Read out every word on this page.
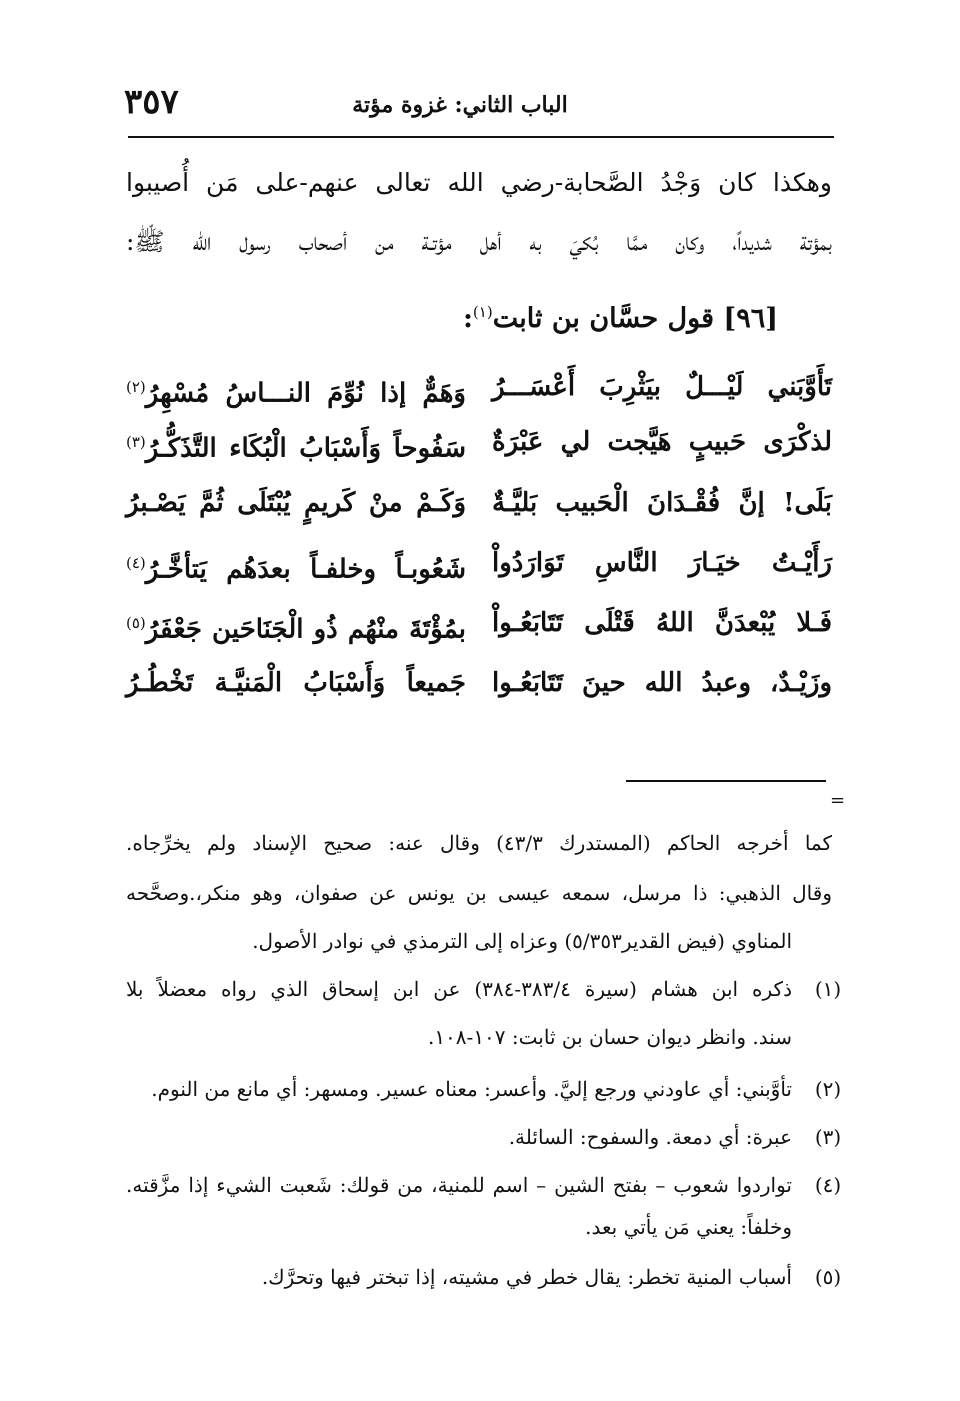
٣٥٧	الباب الثاني: غزوة مؤتة
وهكذا كان وَجْدُ الصَّحابة-رضي الله تعالى عنهم-على مَن أُصيبوا
بمؤتة شديداً، وكان ممَّا بُكيَ به أهل مؤتـة من أصحاب رسول الله ﷺ:
[٩٦] قول حسَّان بن ثابت$^{(١)}$:
تَأَوَّبَني لَيْـــلٌ بيَثْرِبَ أَعْسَـــرُ
وَهَمٌّ إذا نُوِّمَ النـــاسُ مُسْهِرُ$^{(٢)}$
لذكْرَى حَبيبٍ هَيَّجت لي عَبْرَةٌ
سَفُوحاً وَأَسْبَابُ الْبُكَاء التَّذَكُّـرُ$^{(٣)}$
بَلَى! إنَّ فُقْـدَانَ الْحَبيب بَليَّـةٌ
وَكَـمْ منْ كَريمٍ يُبْتَلَى ثُمَّ يَصْـبرُ
رَأَيْـتُ خيَـارَ النَّاسِ تَوَارَدُواْ
شَعُوبـاً وخلفـاً بعدَهُم يَتأخَّـرُ$^{(٤)}$
فَـلا يُبْعدَنَّ اللهُ قَتْلَى تَتَابَعُـواْ
بمُؤْتَةَ منْهُم ذُو الْجَنَاحَين جَعْفَرُ$^{(٥)}$
وزَيْـدٌ، وعبدُ الله حينَ تَتَابَعُـوا
جَميعاً وَأَسْبَابُ الْمَنيَّـة تَخْطُـرُ
=
كما أخرجه الحاكم (المستدرك ٤٣/٣) وقال عنه: صحيح الإسناد ولم يخرِّجاه.
وقال الذهبي: ذا مرسل، سمعه عيسى بن يونس عن صفوان، وهو منكر،.وصحَّحه
المناوي (فيض القدير٥/٣٥٣) وعزاه إلى الترمذي في نوادر الأصول.
(١)
ذكره ابن هشام (سيرة ٣٨٣/٤-٣٨٤) عن ابن إسحاق الذي رواه معضلاً بلا
سند. وانظر ديوان حسان بن ثابت: ١٠٧-١٠٨.
(٢)
تأوَّبني: أي عاودني ورجع إليَّ. وأعسر: معناه عسير. ومسهر: أي مانع من النوم.
(٣)
عبرة: أي دمعة. والسفوح: السائلة.
(٤)
تواردوا شعوب – بفتح الشين – اسم للمنية، من قولك: شَعبت الشيء إذا مزَّقته.
وخلفاً: يعني مَن يأتي بعد.
(٥)
أسباب المنية تخطر: يقال خطر في مشيته، إذا تبختر فيها وتحرَّك.
